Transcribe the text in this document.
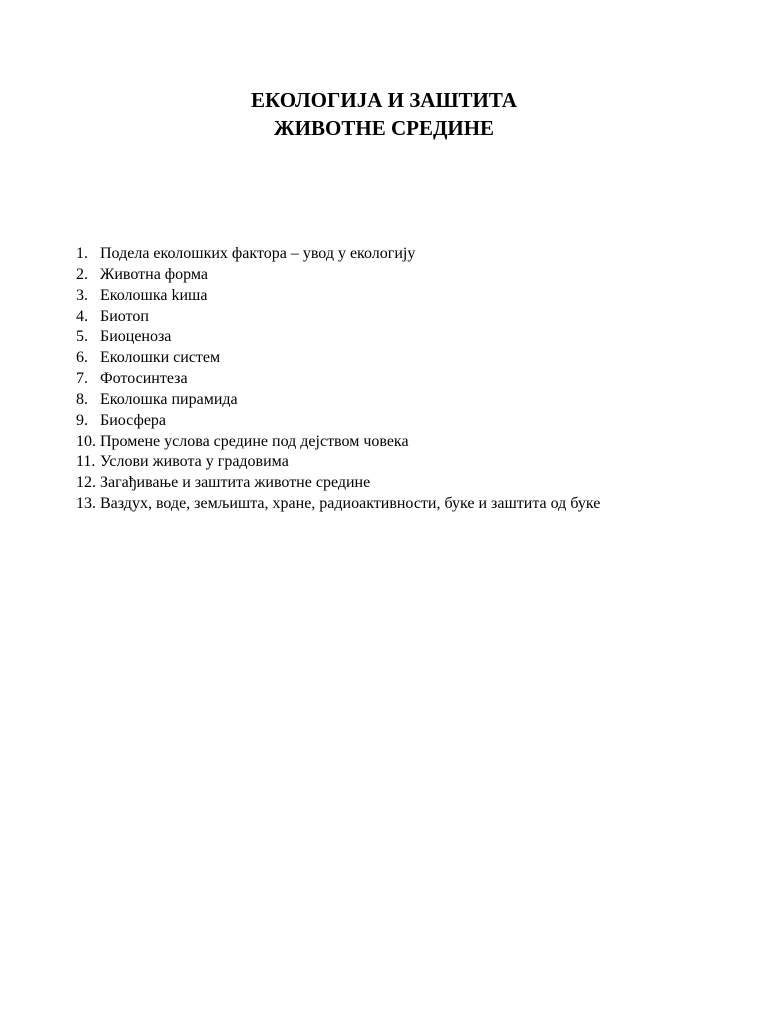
ЕКОЛОГИЈА И ЗАШТИТА
ЖИВОТНЕ СРЕДИНЕ
1. Подела еколошких фактора – увод у екологију
2. Животна форма
3. Еколошка kиша
4. Биотоп
5. Биоценоза
6. Еколошки систем
7. Фотосинтеза
8. Еколошка пирамида
9. Биосфера
10. Промене услова средине под дејством човека
11. Услови живота у градовима
12. Загађивање и заштита животне средине
13. Ваздух, воде, земљишта, хране, радиоактивности, буке и заштита од буке
